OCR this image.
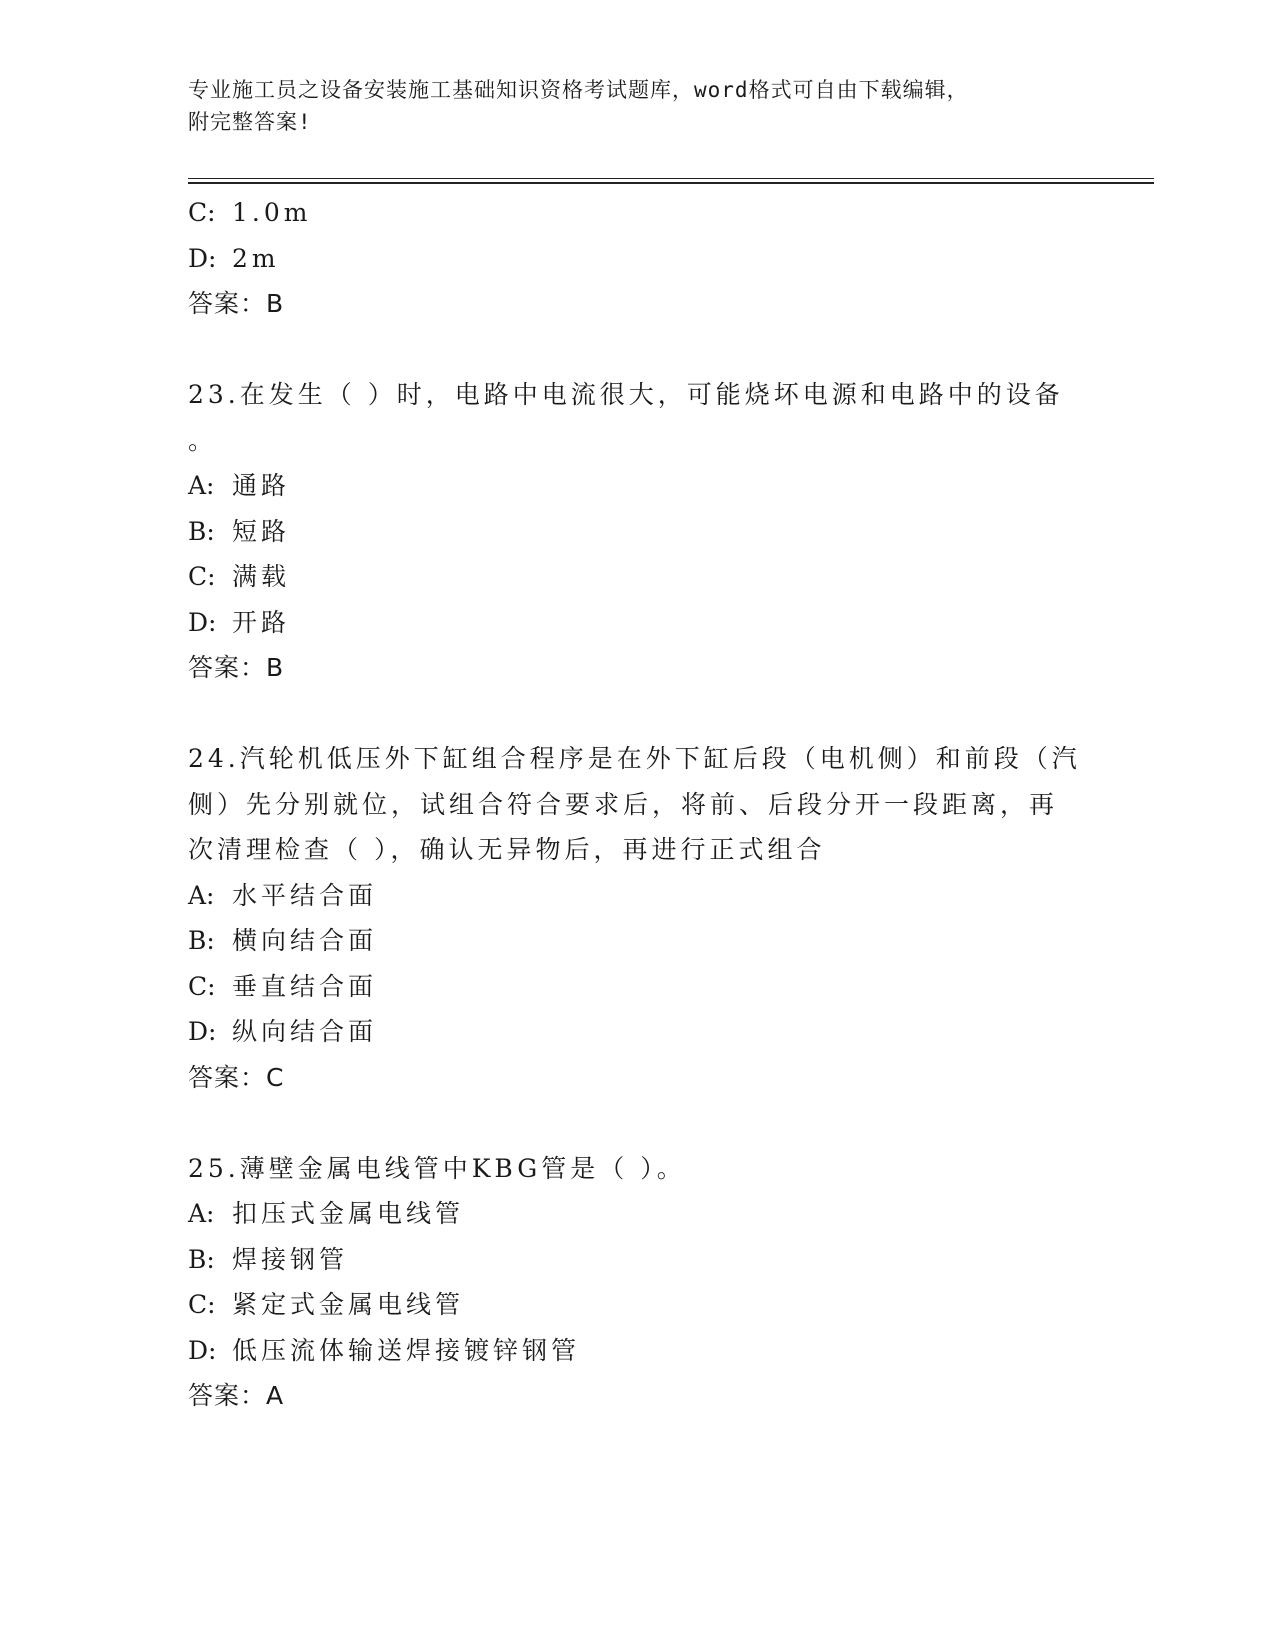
专业施工员之设备安装施工基础知识资格考试题库，word格式可自由下载编辑，
附完整答案!
C: 1.0m
D: 2m
答案：B
23.在发生（ ）时，电路中电流很大，可能烧坏电源和电路中的设备
。
A: 通路
B: 短路
C: 满载
D: 开路
答案：B
24.汽轮机低压外下缸组合程序是在外下缸后段（电机侧）和前段（汽
侧）先分别就位，试组合符合要求后，将前、后段分开一段距离，再
次清理检查（ ），确认无异物后，再进行正式组合
A: 水平结合面
B: 横向结合面
C: 垂直结合面
D: 纵向结合面
答案：C
25.薄壁金属电线管中KBG管是（ ）。
A: 扣压式金属电线管
B: 焊接钢管
C: 紧定式金属电线管
D: 低压流体输送焊接镀锌钢管
答案：A
